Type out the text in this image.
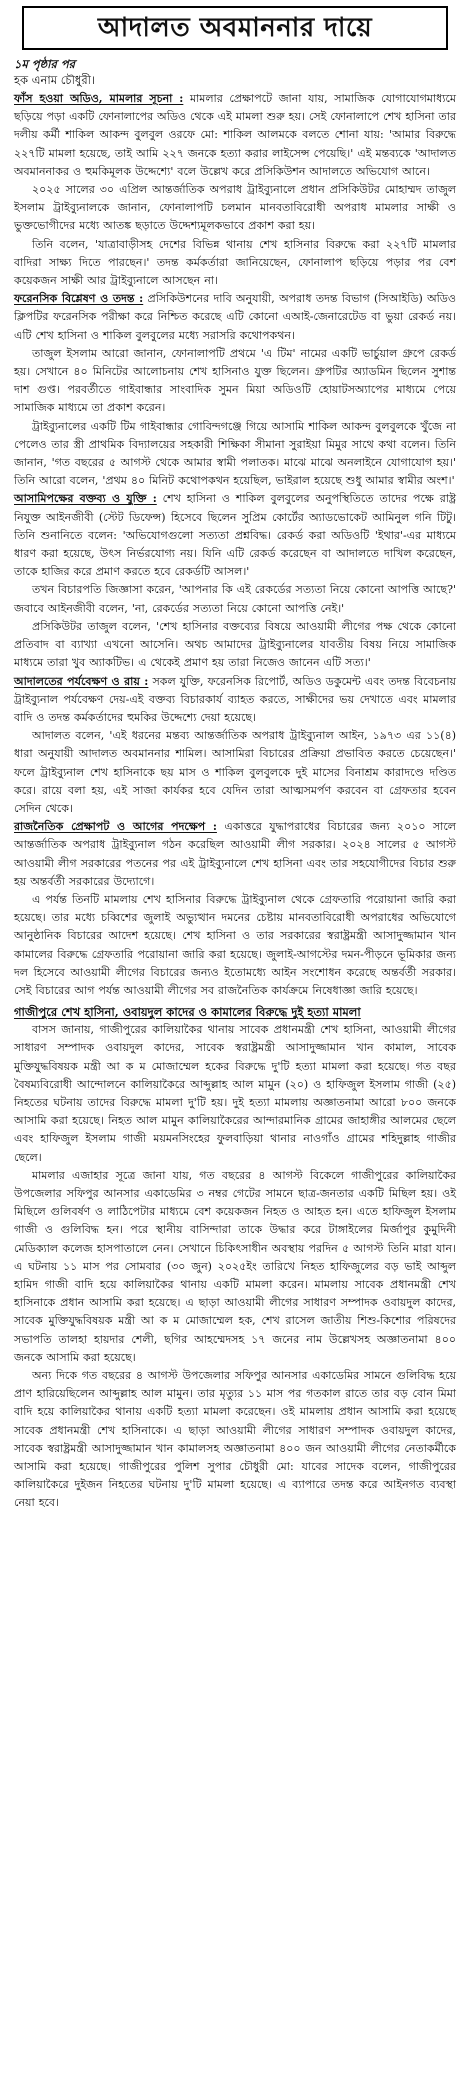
আদালত অবমাননার দায়ে
১ম পৃষ্ঠার পর
হক এনাম চৌধুরী।
ফাঁস হওয়া অডিও, মামলার সূচনা : মামলার প্রেক্ষাপটে জানা যায়, সামাজিক যোগাযোগমাধ্যমে ছড়িয়ে পড়া একটি ফোনালাপের অডিও থেকে এই মামলা শুরু হয়। সেই ফোনালাপে শেখ হাসিনা তার দলীয় কর্মী শাকিল আকন্দ বুলবুল ওরফে মো: শাকিল আলমকে বলতে শোনা যায়: 'আমার বিরুদ্ধে ২২৭টি মামলা হয়েছে, তাই আমি ২২৭ জনকে হত্যা করার লাইসেন্স পেয়েছি।' এই মন্তব্যকে 'আদালত অবমাননাকর ও হুমকিমূলক উদ্দেশ্যে' বলে উল্লেখ করে প্রসিকিউশন আদালতে অভিযোগ আনে।
২০২৫ সালের ৩০ এপ্রিল আন্তর্জাতিক অপরাধ ট্রাইব্যুনালে প্রধান প্রসিকিউটর মোহাম্মদ তাজুল ইসলাম ট্রাইব্যুনালকে জানান, ফোনালাপটি চলমান মানবতাবিরোধী অপরাধ মামলার সাক্ষী ও ভুক্তভোগীদের মধ্যে আতঙ্ক ছড়াতে উদ্দেশ্যমূলকভাবে প্রকাশ করা হয়।
তিনি বলেন, 'যাত্রাবাড়ীসহ দেশের বিভিন্ন থানায় শেখ হাসিনার বিরুদ্ধে করা ২২৭টি মামলার বাদিরা সাক্ষ্য দিতে পারছেন।' তদন্ত কর্মকর্তারা জানিয়েছেন, ফোনালাপ ছড়িয়ে পড়ার পর বেশ কয়েকজন সাক্ষী আর ট্রাইব্যুনালে আসছেন না।
ফরেনসিক বিশ্লেষণ ও তদন্ত : প্রসিকিউশনের দাবি অনুযায়ী, অপরাধ তদন্ত বিভাগ (সিআইডি) অডিও ক্লিপটির ফরেনসিক পরীক্ষা করে নিশ্চিত করেছে এটি কোনো এআই-জেনারেটেড বা ভুয়া রেকর্ড নয়। এটি শেখ হাসিনা ও শাকিল বুলবুলের মধ্যে সরাসরি কথোপকথন।
তাজুল ইসলাম আরো জানান, ফোনালাপটি প্রথমে 'এ টিম' নামের একটি ভার্চুয়াল গ্রুপে রেকর্ড হয়। সেখানে ৪০ মিনিটের আলোচনায় শেখ হাসিনাও যুক্ত ছিলেন। গ্রুপটির অ্যাডমিন ছিলেন সুশান্ত দাশ গুপ্ত। পরবর্তীতে গাইবান্ধার সাংবাদিক সুমন মিয়া অডিওটি হোয়াটসঅ্যাপের মাধ্যমে পেয়ে সামাজিক মাধ্যমে তা প্রকাশ করেন।
ট্রাইব্যুনালের একটি টিম গাইবান্ধার গোবিন্দগঞ্জে গিয়ে আসামি শাকিল আকন্দ বুলবুলকে খুঁজে না পেলেও তার স্ত্রী প্রাথমিক বিদ্যালয়ের সহকারী শিক্ষিকা সীমানা সুরাইয়া মিমুর সাথে কথা বলেন। তিনি জানান, 'গত বছরের ৫ আগস্ট থেকে আমার স্বামী পলাতক। মাঝে মাঝে অনলাইনে যোগাযোগ হয়।' তিনি আরো বলেন, 'প্রথম ৪০ মিনিট কথোপকথন হয়েছিল, ভাইরাল হয়েছে শুধু আমার স্বামীর অংশ।'
আসামিপক্ষের বক্তব্য ও যুক্তি : শেখ হাসিনা ও শাকিল বুলবুলের অনুপস্থিতিতে তাদের পক্ষে রাষ্ট্র নিযুক্ত আইনজীবী (স্টেট ডিফেন্স) হিসেবে ছিলেন সুপ্রিম কোর্টের অ্যাডভোকেট আমিনুল গনি টিটু। তিনি শুনানিতে বলেন: 'অভিযোগগুলো সত্যতা প্রশ্নবিদ্ধ। রেকর্ড করা অডিওটি 'ইথার'-এর মাধ্যমে ধারণ করা হয়েছে, উৎস নির্ভরযোগ্য নয়। যিনি এটি রেকর্ড করেছেন বা আদালতে দাখিল করেছেন, তাকে হাজির করে প্রমাণ করতে হবে রেকর্ডটি আসল।'
তখন বিচারপতি জিজ্ঞাসা করেন, 'আপনার কি এই রেকর্ডের সত্যতা নিয়ে কোনো আপত্তি আছে?' জবাবে আইনজীবী বলেন, 'না, রেকর্ডের সত্যতা নিয়ে কোনো আপত্তি নেই।'
প্রসিকিউটর তাজুল বলেন, 'শেখ হাসিনার বক্তব্যের বিষয়ে আওয়ামী লীগের পক্ষ থেকে কোনো প্রতিবাদ বা ব্যাখ্যা এখনো আসেনি। অথচ আমাদের ট্রাইব্যুনালের যাবতীয় বিষয় নিয়ে সামাজিক মাধ্যমে তারা খুব অ্যাকটিভ। এ থেকেই প্রমাণ হয় তারা নিজেও জানেন এটি সত্য।'
আদালতের পর্যবেক্ষণ ও রায় : সকল যুক্তি, ফরেনসিক রিপোর্ট, অডিও ডকুমেন্ট এবং তদন্ত বিবেচনায় ট্রাইব্যুনাল পর্যবেক্ষণ দেয়-এই বক্তব্য বিচারকার্য ব্যাহত করতে, সাক্ষীদের ভয় দেখাতে এবং মামলার বাদি ও তদন্ত কর্মকর্তাদের হুমকির উদ্দেশ্যে দেয়া হয়েছে।
আদালত বলেন, 'এই ধরনের মন্তব্য আন্তর্জাতিক অপরাধ ট্রাইব্যুনাল আইন, ১৯৭৩ এর ১১(৪) ধারা অনুযায়ী আদালত অবমাননার শামিল। আসামিরা বিচারের প্রক্রিয়া প্রভাবিত করতে চেয়েছেন।' ফলে ট্রাইব্যুনাল শেখ হাসিনাকে ছয় মাস ও শাকিল বুলবুলকে দুই মাসের বিনাশ্রম কারাদণ্ডে দণ্ডিত করে। রায়ে বলা হয়, এই সাজা কার্যকর হবে যেদিন তারা আত্মসমর্পণ করবেন বা গ্রেফতার হবেন সেদিন থেকে।
রাজনৈতিক প্রেক্ষাপট ও আগের পদক্ষেপ : একাত্তরে যুদ্ধাপরাধের বিচারের জন্য ২০১০ সালে আন্তর্জাতিক অপরাধ ট্রাইব্যুনাল গঠন করেছিল আওয়ামী লীগ সরকার। ২০২৪ সালের ৫ আগস্ট আওয়ামী লীগ সরকারের পতনের পর এই ট্রাইব্যুনালে শেখ হাসিনা এবং তার সহযোগীদের বিচার শুরু হয় অন্তর্বর্তী সরকারের উদ্যোগে।
এ পর্যন্ত তিনটি মামলায় শেখ হাসিনার বিরুদ্ধে ট্রাইব্যুনাল থেকে গ্রেফতারি পরোয়ানা জারি করা হয়েছে। তার মধ্যে চব্বিশের জুলাই অভ্যুত্থান দমনের চেষ্টায় মানবতাবিরোধী অপরাধের অভিযোগে আনুষ্ঠানিক বিচারের আদেশ হয়েছে। শেখ হাসিনা ও তার সরকারের স্বরাষ্ট্রমন্ত্রী আসাদুজ্জামান খান কামালের বিরুদ্ধে গ্রেফতারি পরোয়ানা জারি করা হয়েছে। জুলাই-আগস্টের দমন-পীড়নে ভূমিকার জন্য দল হিসেবে আওয়ামী লীগের বিচারের জন্যও ইতোমধ্যে আইন সংশোধন করেছে অন্তর্বর্তী সরকার। সেই বিচারের আগ পর্যন্ত আওয়ামী লীগের সব রাজনৈতিক কার্যক্রমে নিষেধাজ্ঞা জারি হয়েছে।
গাজীপুরে শেখ হাসিনা, ওবায়দুল কাদের ও কামালের বিরুদ্ধে দুই হত্যা মামলা
বাসস জানায়, গাজীপুরের কালিয়াকৈর থানায় সাবেক প্রধানমন্ত্রী শেখ হাসিনা, আওয়ামী লীগের সাধারণ সম্পাদক ওবায়দুল কাদের, সাবেক স্বরাষ্ট্রমন্ত্রী আসাদুজ্জামান খান কামাল, সাবেক মুক্তিযুদ্ধবিষয়ক মন্ত্রী আ ক ম মোজাম্মেল হকের বিরুদ্ধে দু'টি হত্যা মামলা করা হয়েছে। গত বছর বৈষম্যবিরোধী আন্দোলনে কালিয়াকৈরে আব্দুল্লাহ আল মামুন (২০) ও হাফিজুল ইসলাম গাজী (২৫) নিহতের ঘটনায় তাদের বিরুদ্ধে মামলা দু'টি হয়। দুই হত্যা মামলায় অজ্ঞাতনামা আরো ৮০০ জনকে আসামি করা হয়েছে। নিহত আল মামুন কালিয়াকৈরের আন্দারমানিক গ্রামের জাহাঙ্গীর আলমের ছেলে এবং হাফিজুল ইসলাম গাজী ময়মনসিংহের ফুলবাড়িয়া থানার নাওগাঁও গ্রামের শহিদুল্লাহ গাজীর ছেলে।
মামলার এজাহার সূত্রে জানা যায়, গত বছরের ৪ আগস্ট বিকেলে গাজীপুরের কালিয়াকৈর উপজেলার সফিপুর আনসার একাডেমির ৩ নম্বর গেটের সামনে ছাত্র-জনতার একটি মিছিল হয়। ওই মিছিলে গুলিবর্ষণ ও লাঠিপেটার মাধ্যমে বেশ কয়েকজন নিহত ও আহত হন। এতে হাফিজুল ইসলাম গাজী ও গুলিবিদ্ধ হন। পরে স্থানীয় বাসিন্দারা তাকে উদ্ধার করে টাঙ্গাইলের মির্জাপুর কুমুদিনী মেডিক্যাল কলেজ হাসপাতালে নেন। সেখানে চিকিৎসাধীন অবস্থায় পরদিন ৫ আগস্ট তিনি মারা যান। এ ঘটনায় ১১ মাস পর সোমবার (৩০ জুন) ২০২৫ইং তারিখে নিহত হাফিজুলের বড় ভাই আব্দুল হামিদ গাজী বাদি হয়ে কালিয়াকৈর থানায় একটি মামলা করেন। মামলায় সাবেক প্রধানমন্ত্রী শেখ হাসিনাকে প্রধান আসামি করা হয়েছে। এ ছাড়া আওয়ামী লীগের সাধারণ সম্পাদক ওবায়দুল কাদের, সাবেক মুক্তিযুদ্ধবিষয়ক মন্ত্রী আ ক ম মোজাম্মেল হক, শেখ রাসেল জাতীয় শিশু-কিশোর পরিষদের সভাপতি তালহা হায়দার শেলী, ছগির আহম্মেদসহ ১৭ জনের নাম উল্লেখসহ অজ্ঞাতনামা ৪০০ জনকে আসামি করা হয়েছে।
অন্য দিকে গত বছরের ৪ আগস্ট উপজেলার সফিপুর আনসার একাডেমির সামনে গুলিবিদ্ধ হয়ে প্রাণ হারিয়েছিলেন আব্দুল্লাহ আল মামুন। তার মৃত্যুর ১১ মাস পর গতকাল রাতে তার বড় বোন মিমা বাদি হয়ে কালিয়াকৈর থানায় একটি হত্যা মামলা করেছেন। ওই মামলায় প্রধান আসামি করা হয়েছে সাবেক প্রধানমন্ত্রী শেখ হাসিনাকে। এ ছাড়া আওয়ামী লীগের সাধারণ সম্পাদক ওবায়দুল কাদের, সাবেক স্বরাষ্ট্রমন্ত্রী আসাদুজ্জামান খান কামালসহ অজ্ঞাতনামা ৪০০ জন আওয়ামী লীগের নেতাকর্মীকে আসামি করা হয়েছে। গাজীপুরের পুলিশ সুপার চৌধুরী মো: যাবের সাদেক বলেন, গাজীপুরের কালিয়াকৈরে দুইজন নিহতের ঘটনায় দু'টি মামলা হয়েছে। এ ব্যাপারে তদন্ত করে আইনগত ব্যবস্থা নেয়া হবে।
